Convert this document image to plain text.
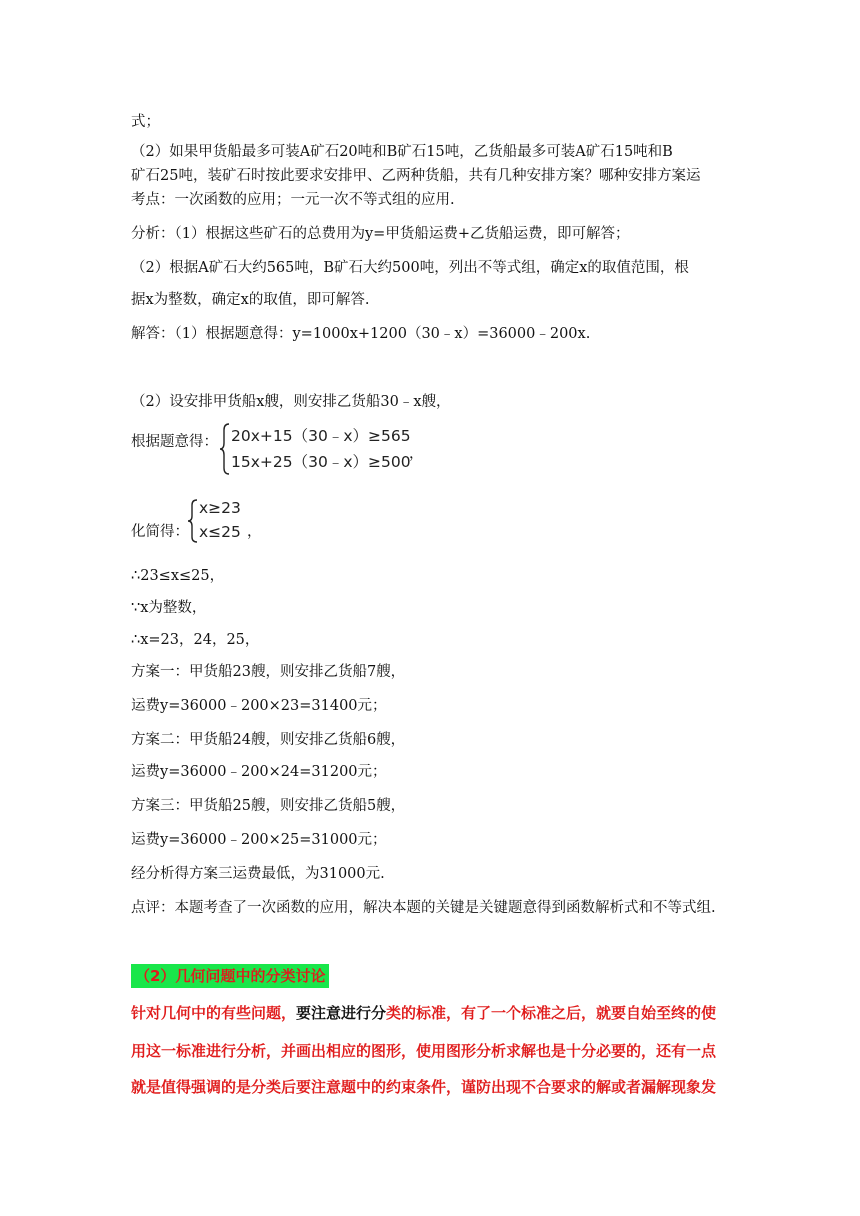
式；
（2）如果甲货船最多可装A矿石20吨和B矿石15吨，乙货船最多可装A矿石15吨和B
矿石25吨，装矿石时按此要求安排甲、乙两种货船，共有几种安排方案？哪种安排方案运
考点：一次函数的应用；一元一次不等式组的应用.
分析：（1）根据这些矿石的总费用为y=甲货船运费+乙货船运费，即可解答；
（2）根据A矿石大约565吨，B矿石大约500吨，列出不等式组，确定x的取值范围，根
据x为整数，确定x的取值，即可解答.
解答：（1）根据题意得：y=1000x+1200（30﹣x）=36000﹣200x.
（2）设安排甲货船x艘，则安排乙货船30﹣x艘，
根据题意得： 20x+15（30﹣x）≥565
15x+25（30﹣x）≥500
，
化简得：
x≥23
x≤25 ，
∴23≤x≤25，
∵x为整数，
∴x=23，24，25，
方案一：甲货船23艘，则安排乙货船7艘，
运费y=36000﹣200×23=31400元；
方案二：甲货船24艘，则安排乙货船6艘，
运费y=36000﹣200×24=31200元；
方案三：甲货船25艘，则安排乙货船5艘，
运费y=36000﹣200×25=31000元；
经分析得方案三运费最低，为31000元.
点评：本题考查了一次函数的应用，解决本题的关键是关键题意得到函数解析式和不等式组.
（2）几何问题中的分类讨论
针对几何中的有些问题，要注意进行分类的标准，有了一个标准之后，就要自始至终的使
用这一标准进行分析，并画出相应的图形，使用图形分析求解也是十分必要的，还有一点
就是值得强调的是分类后要注意题中的约束条件，谨防出现不合要求的解或者漏解现象发
